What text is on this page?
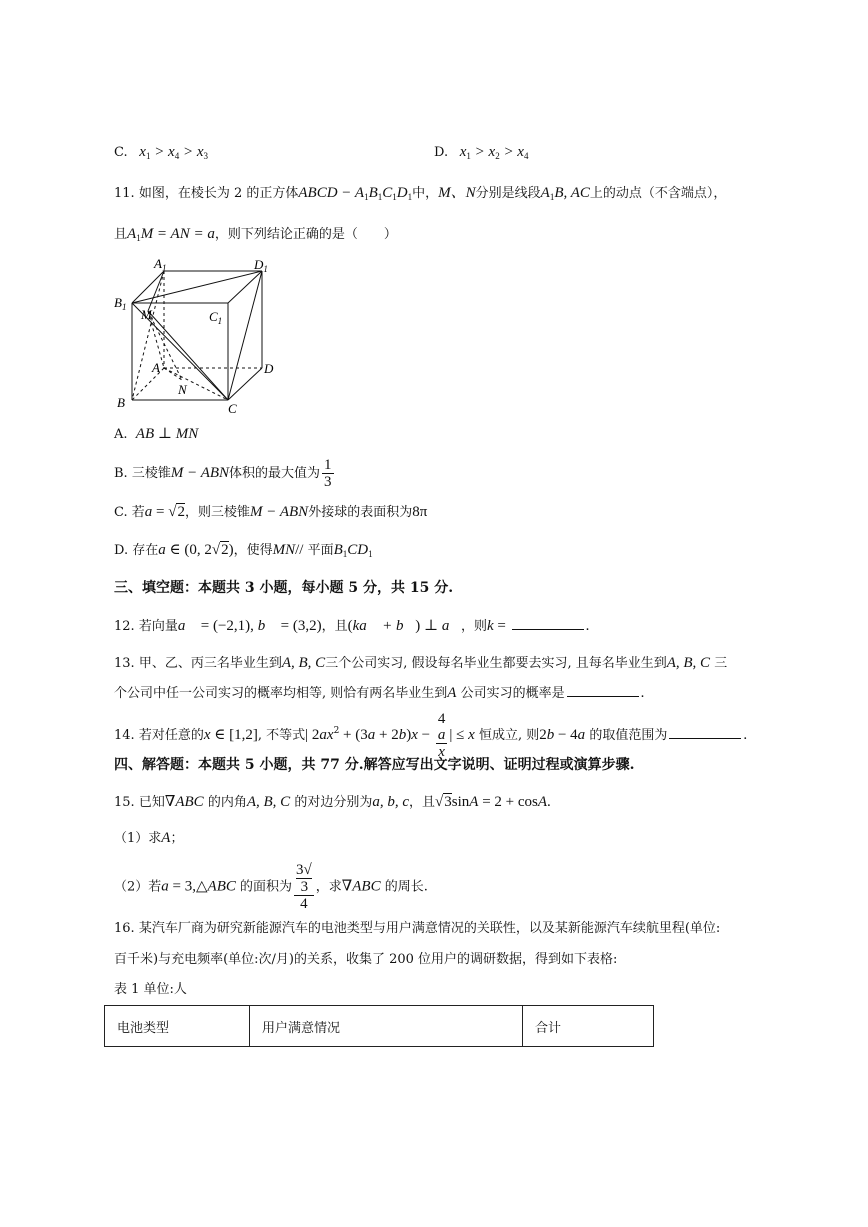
C.   $x_1 > x_4 > x_3$	D.   $x_1 > x_2 > x_4$
11. 如图，在棱长为 2 的正方体ABCD − $A_1B_1C_1D_1$中，M、N分别是线段$A_1B$, AC上的动点（不含端点），
且$A_1M$ = AN = a，则下列结论正确的是（　　）
$A_1$	$D_1$
$B_1$ M	$C_1$
A	D
N
B	C
A. AB ⊥ MN
B. 三棱锥M − ABN体积的最大值为 $\frac{1}{3}$
C. 若a = √2，则三棱锥M − ABN外接球的表面积为8π
D. 存在a ∈ (0, 2√2)，使得MN// 平面$B_1CD_1$
三、填空题：本题共 3 小题，每小题 5 分，共 15 分.
12. 若向量a⃗ = (−2,1), b⃗ = (3,2)，且(ka⃗ + b⃗) ⊥ a⃗，则k =	.
13. 甲、乙、丙三名毕业生到A, B, C三个公司实习, 假设每名毕业生都要去实习, 且每名毕业生到A, B, C 三
个公司中任一公司实习的概率均相等, 则恰有两名毕业生到A 公司实习的概率是	.
14. 若对任意的x ∈ [1,2], 不等式| $2ax^2 + (3a + 2b)x - 4$
a
x | ≤ x 恒成立, 则2b − 4a 的取值范围为	.
四、解答题：本题共 5 小题，共 77 分.解答应写出文字说明、证明过程或演算步骤.
15. 已知∇ABC 的内角A, B, C 的对边分别为a, b, c，且√3sinA = 2 + cosA.
（1）求A；
（2）若a = 3,△ABC 的面积为 3√
3
4 ，求∇ABC 的周长.
16. 某汽车厂商为研究新能源汽车的电池类型与用户满意情况的关联性，以及某新能源汽车续航里程(单位:
百千米)与充电频率(单位:次/月)的关系，收集了 200 位用户的调研数据，得到如下表格:
表 1 单位:人
电池类型	用户满意情况	合计
